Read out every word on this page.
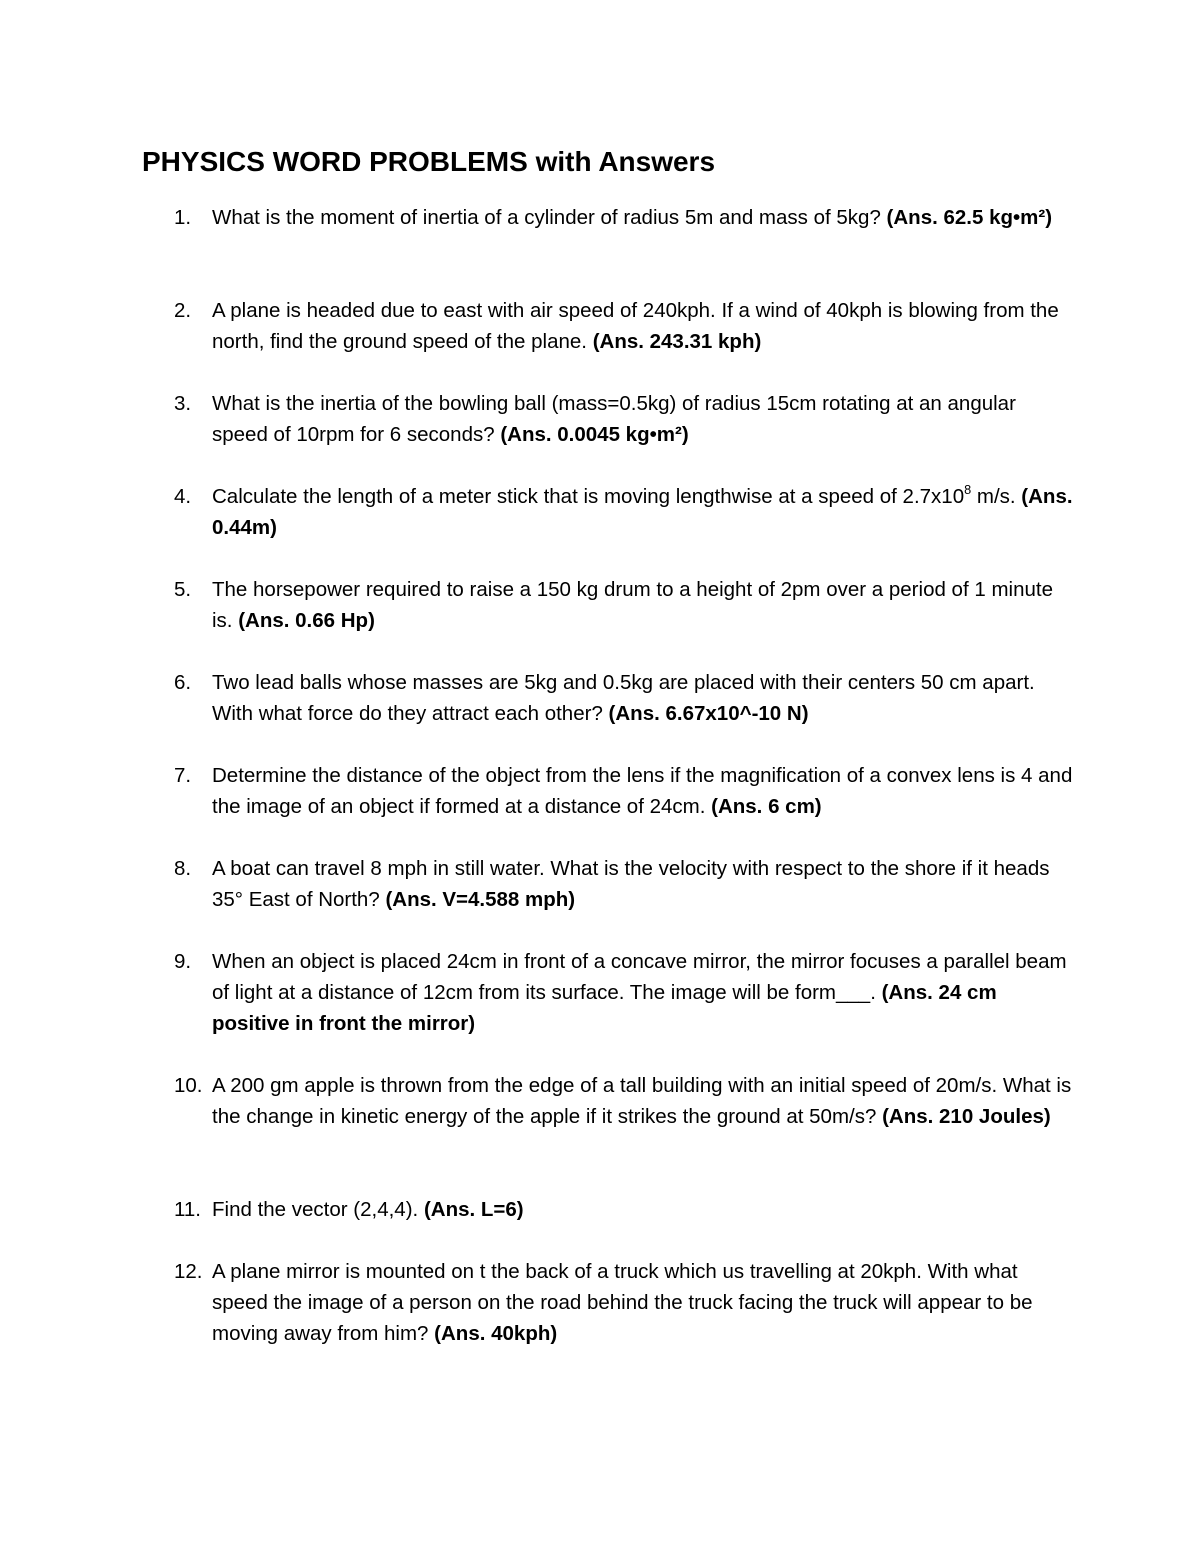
PHYSICS WORD PROBLEMS with Answers
1. What is the moment of inertia of a cylinder of radius 5m and mass of 5kg? (Ans. 62.5 kg•m²)
2. A plane is headed due to east with air speed of 240kph. If a wind of 40kph is blowing from the north, find the ground speed of the plane. (Ans. 243.31 kph)
3. What is the inertia of the bowling ball (mass=0.5kg) of radius 15cm rotating at an angular speed of 10rpm for 6 seconds? (Ans. 0.0045 kg•m²)
4. Calculate the length of a meter stick that is moving lengthwise at a speed of $2.7x10^8$ m/s. (Ans. 0.44m)
5. The horsepower required to raise a 150 kg drum to a height of 2pm over a period of 1 minute is. (Ans. 0.66 Hp)
6. Two lead balls whose masses are 5kg and 0.5kg are placed with their centers 50 cm apart. With what force do they attract each other? (Ans. 6.67x10^-10 N)
7. Determine the distance of the object from the lens if the magnification of a convex lens is 4 and the image of an object if formed at a distance of 24cm. (Ans. 6 cm)
8. A boat can travel 8 mph in still water. What is the velocity with respect to the shore if it heads 35° East of North? (Ans. V=4.588 mph)
9. When an object is placed 24cm in front of a concave mirror, the mirror focuses a parallel beam of light at a distance of 12cm from its surface. The image will be form___. (Ans. 24 cm positive in front the mirror)
10. A 200 gm apple is thrown from the edge of a tall building with an initial speed of 20m/s. What is the change in kinetic energy of the apple if it strikes the ground at 50m/s? (Ans. 210 Joules)
11. Find the vector (2,4,4). (Ans. L=6)
12. A plane mirror is mounted on t the back of a truck which us travelling at 20kph. With what speed the image of a person on the road behind the truck facing the truck will appear to be moving away from him? (Ans. 40kph)
